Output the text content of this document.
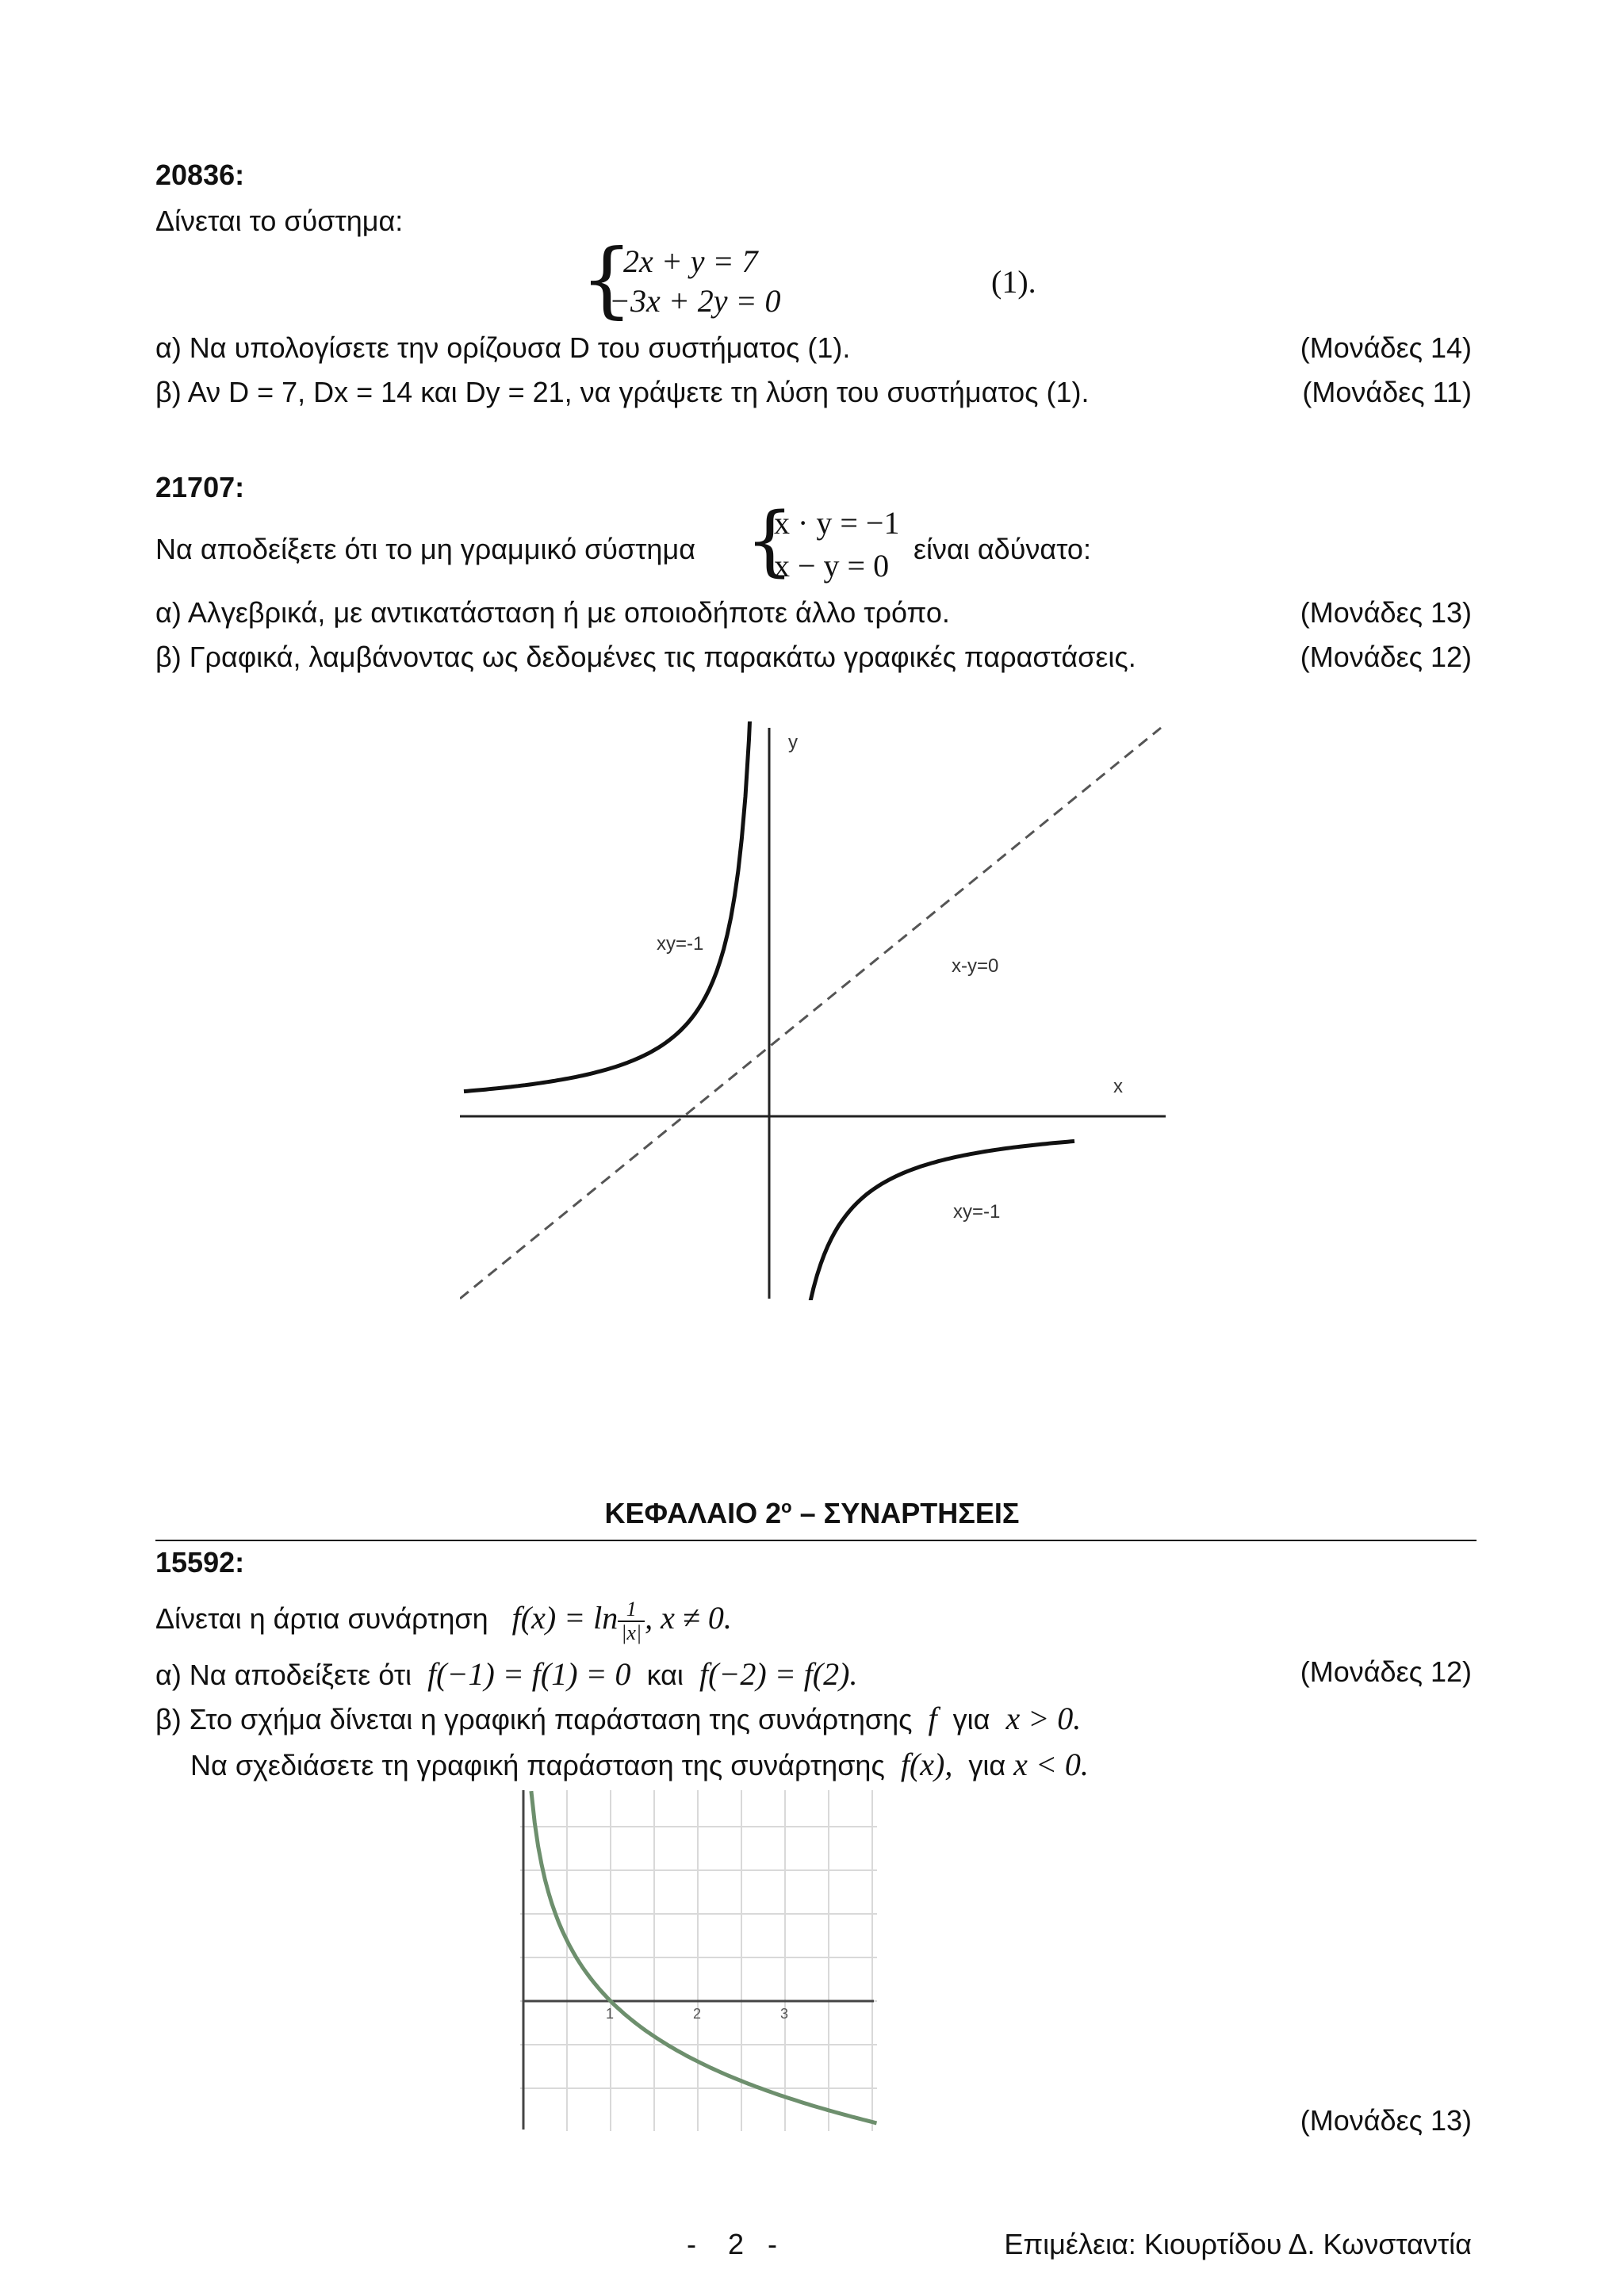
20836:
Δίνεται το σύστημα:
{
2x + y = 7
−3x + 2y = 0
(1).
α) Να υπολογίσετε την ορίζουσα D του συστήματος (1).	(Μονάδες 14)
β) Αν D = 7, Dx = 14 και Dy = 21, να γράψετε τη λύση του συστήματος (1).	(Μονάδες 11)
21707:
Να αποδείξετε ότι το μη γραμμικό σύστημα {
x · y = −1
x − y = 0 είναι αδύνατο:
α) Αλγεβρικά, με αντικατάσταση ή με οποιοδήποτε άλλο τρόπο.	(Μονάδες 13)
β) Γραφικά, λαμβάνοντας ως δεδομένες τις παρακάτω γραφικές παραστάσεις.	(Μονάδες 12)
y
x
xy=-1
xy=-1
x-y=0
ΚΕΦΑΛΑΙΟ $2^o$ – ΣΥΝΑΡΤΗΣΕΙΣ
15592:
Δίνεται η άρτια συνάρτηση $f(x) = \ln \frac{1}{|x|}$ , x ≠ 0.
α) Να αποδείξετε ότι f(−1) = f(1) = 0 και f(−2) = f(2).	(Μονάδες 12)
β) Στο σχήμα δίνεται η γραφική παράσταση της συνάρτησης f για x > 0.
Να σχεδιάσετε τη γραφική παράσταση της συνάρτησης f(x), για x < 0.
1	2	3
(Μονάδες 13)
-    2   -	Επιμέλεια: Κιουρτίδου Δ. Κωνσταντία
